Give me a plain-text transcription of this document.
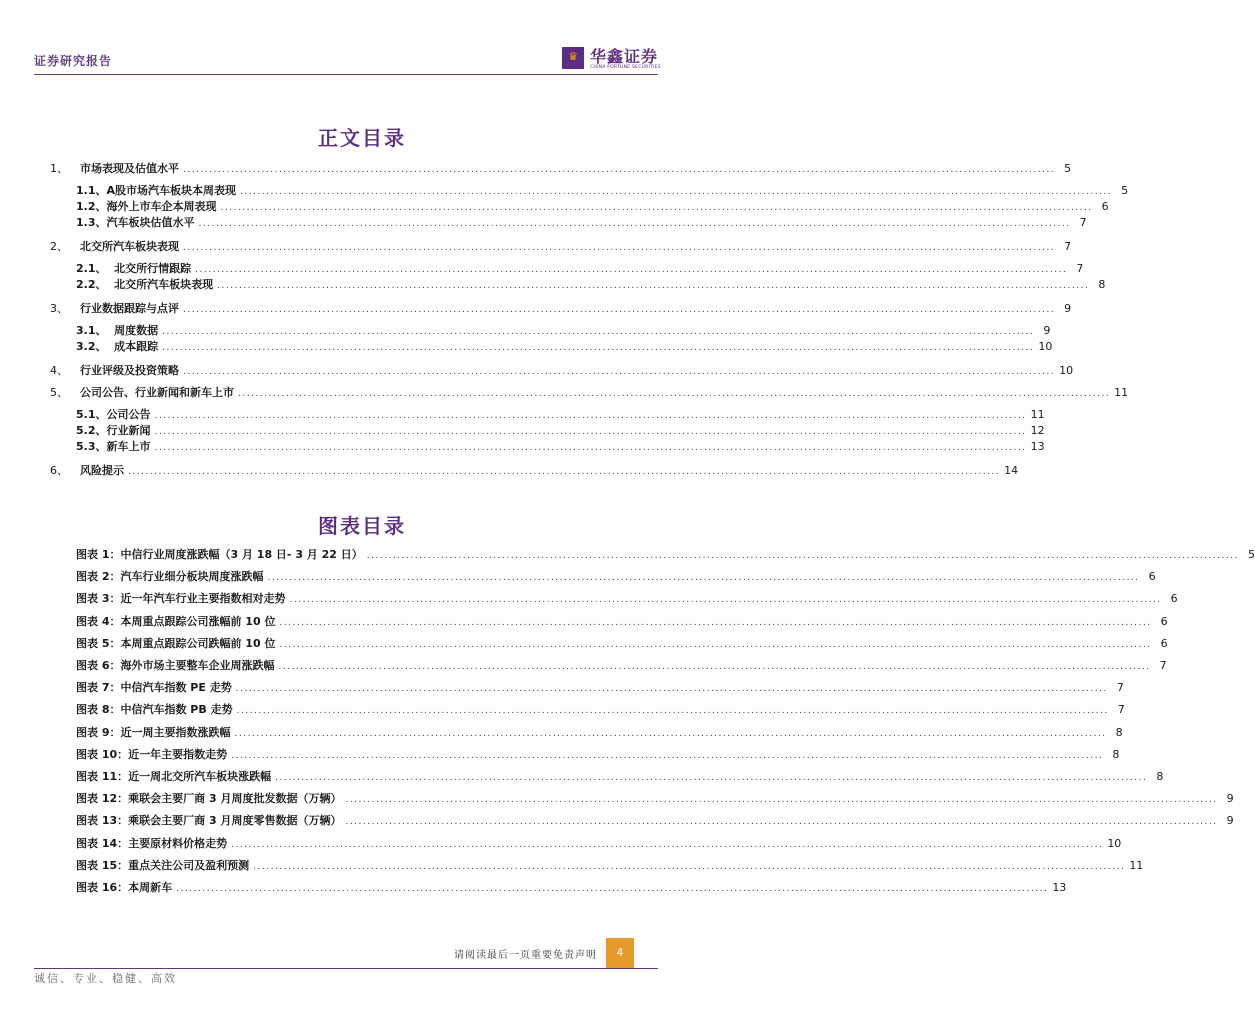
证券研究报告	♛ 华鑫证券
CHINA FORTUNE SECURITIES
正文目录
1、	市场表现及估值水平 ........................................................................................................................................................................................................ 5
1.1、A股市场汽车板块本周表现 ........................................................................................................................................................................................................ 5
1.2、海外上市车企本周表现 ........................................................................................................................................................................................................ 6
1.3、汽车板块估值水平 ........................................................................................................................................................................................................ 7
2、	北交所汽车板块表现 ........................................................................................................................................................................................................ 7
2.1、  北交所行情跟踪 ........................................................................................................................................................................................................ 7
2.2、  北交所汽车板块表现 ........................................................................................................................................................................................................ 8
3、	行业数据跟踪与点评 ........................................................................................................................................................................................................ 9
3.1、  周度数据 ........................................................................................................................................................................................................ 9
3.2、  成本跟踪 ........................................................................................................................................................................................................ 10
4、	行业评级及投资策略 ........................................................................................................................................................................................................ 10
5、	公司公告、行业新闻和新车上市 ........................................................................................................................................................................................................ 11
5.1、公司公告 ........................................................................................................................................................................................................ 11
5.2、行业新闻 ........................................................................................................................................................................................................ 12
5.3、新车上市 ........................................................................................................................................................................................................ 13
6、	风险提示 ........................................................................................................................................................................................................ 14
图表目录
图表 1：中信行业周度涨跌幅（3 月 18 日- 3 月 22 日） ........................................................................................................................................................................................................ 5
图表 2：汽车行业细分板块周度涨跌幅 ........................................................................................................................................................................................................ 6
图表 3：近一年汽车行业主要指数相对走势 ........................................................................................................................................................................................................ 6
图表 4：本周重点跟踪公司涨幅前 10 位 ........................................................................................................................................................................................................ 6
图表 5：本周重点跟踪公司跌幅前 10 位 ........................................................................................................................................................................................................ 6
图表 6：海外市场主要整车企业周涨跌幅 ........................................................................................................................................................................................................ 7
图表 7：中信汽车指数 PE 走势 ........................................................................................................................................................................................................ 7
图表 8：中信汽车指数 PB 走势 ........................................................................................................................................................................................................ 7
图表 9：近一周主要指数涨跌幅 ........................................................................................................................................................................................................ 8
图表 10：近一年主要指数走势 ........................................................................................................................................................................................................ 8
图表 11：近一周北交所汽车板块涨跌幅 ........................................................................................................................................................................................................ 8
图表 12：乘联会主要厂商 3 月周度批发数据（万辆） ........................................................................................................................................................................................................ 9
图表 13：乘联会主要厂商 3 月周度零售数据（万辆） ........................................................................................................................................................................................................ 9
图表 14：主要原材料价格走势 ........................................................................................................................................................................................................ 10
图表 15：重点关注公司及盈利预测 ........................................................................................................................................................................................................ 11
图表 16：本周新车 ........................................................................................................................................................................................................ 13
请阅读最后一页重要免责声明	4
诚信、专业、稳健、高效
